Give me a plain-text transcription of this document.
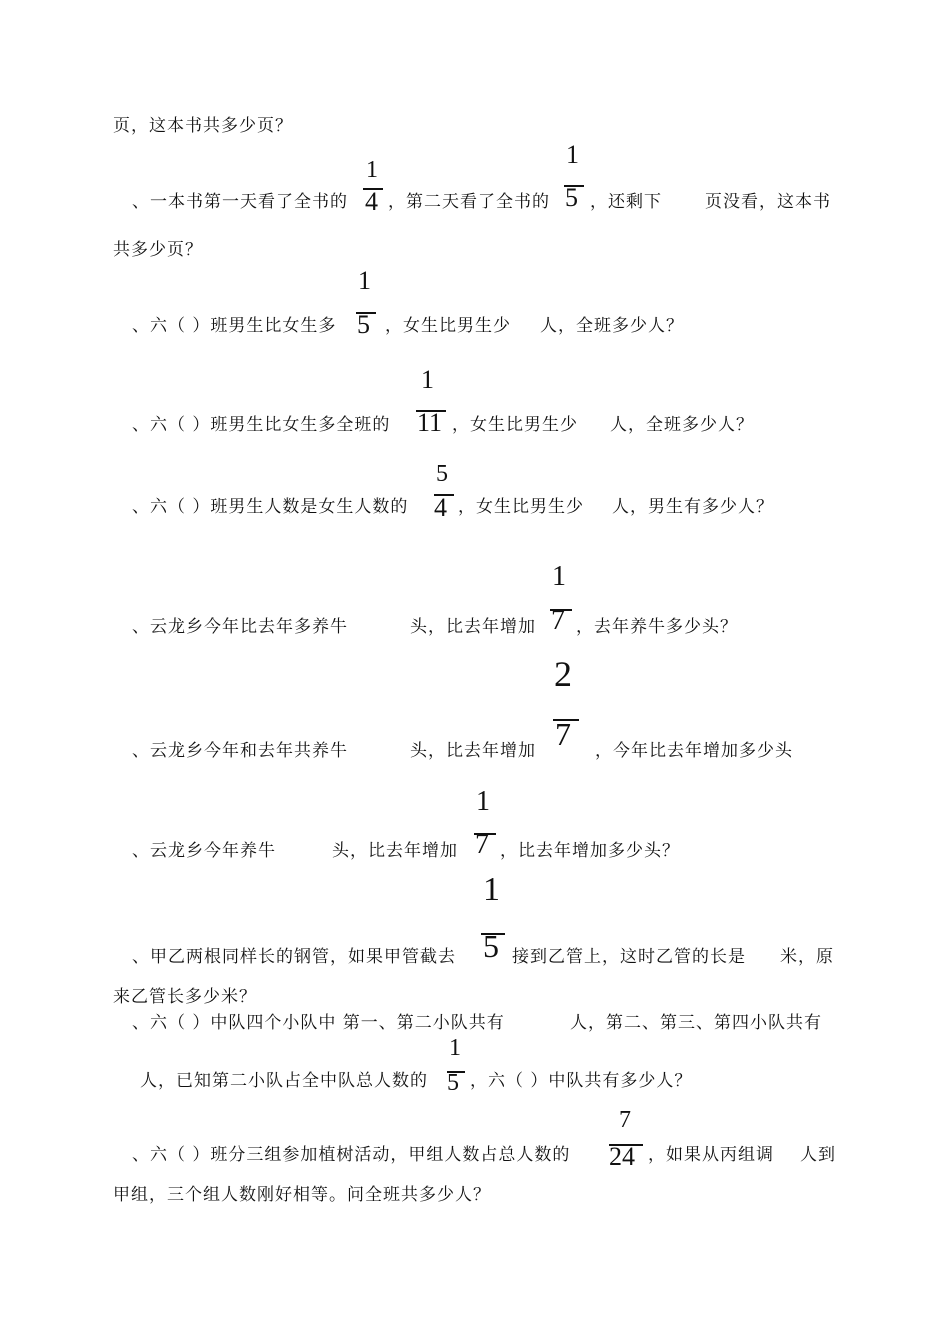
页，这本书共多少页？
、一本书第一天看了全书的
1
4 ，第二天看了全书的
1
5 ，还剩下	页没看，这本书
共多少页？
、六（ ）班男生比女生多
1
5 ，女生比男生少 人，全班多少人？
、六（ ）班男生比女生多全班的
1
11 ，女生比男生少 人，全班多少人？
、六（ ）班男生人数是女生人数的
5
4 ，女生比男生少 人，男生有多少人？
、云龙乡今年比去年多养牛	头，比去年增加
1
7 ，去年养牛多少头？
、云龙乡今年和去年共养牛	头，比去年增加
2
7 ，今年比去年增加多少头
、云龙乡今年养牛	头，比去年增加
1
7 ，比去年增加多少头？
、甲乙两根同样长的钢管，如果甲管截去
1
5 接到乙管上，这时乙管的长是 米，原
来乙管长多少米？
、六（ ）中队四个小队中 第一、第二小队共有	人，第二、第三、第四小队共有
人，已知第二小队占全中队总人数的
1
5 ，六（ ）中队共有多少人？
、六（ ）班分三组参加植树活动，甲组人数占总人数的
7
24 ，如果从丙组调 人到
甲组，三个组人数刚好相等。问全班共多少人？
